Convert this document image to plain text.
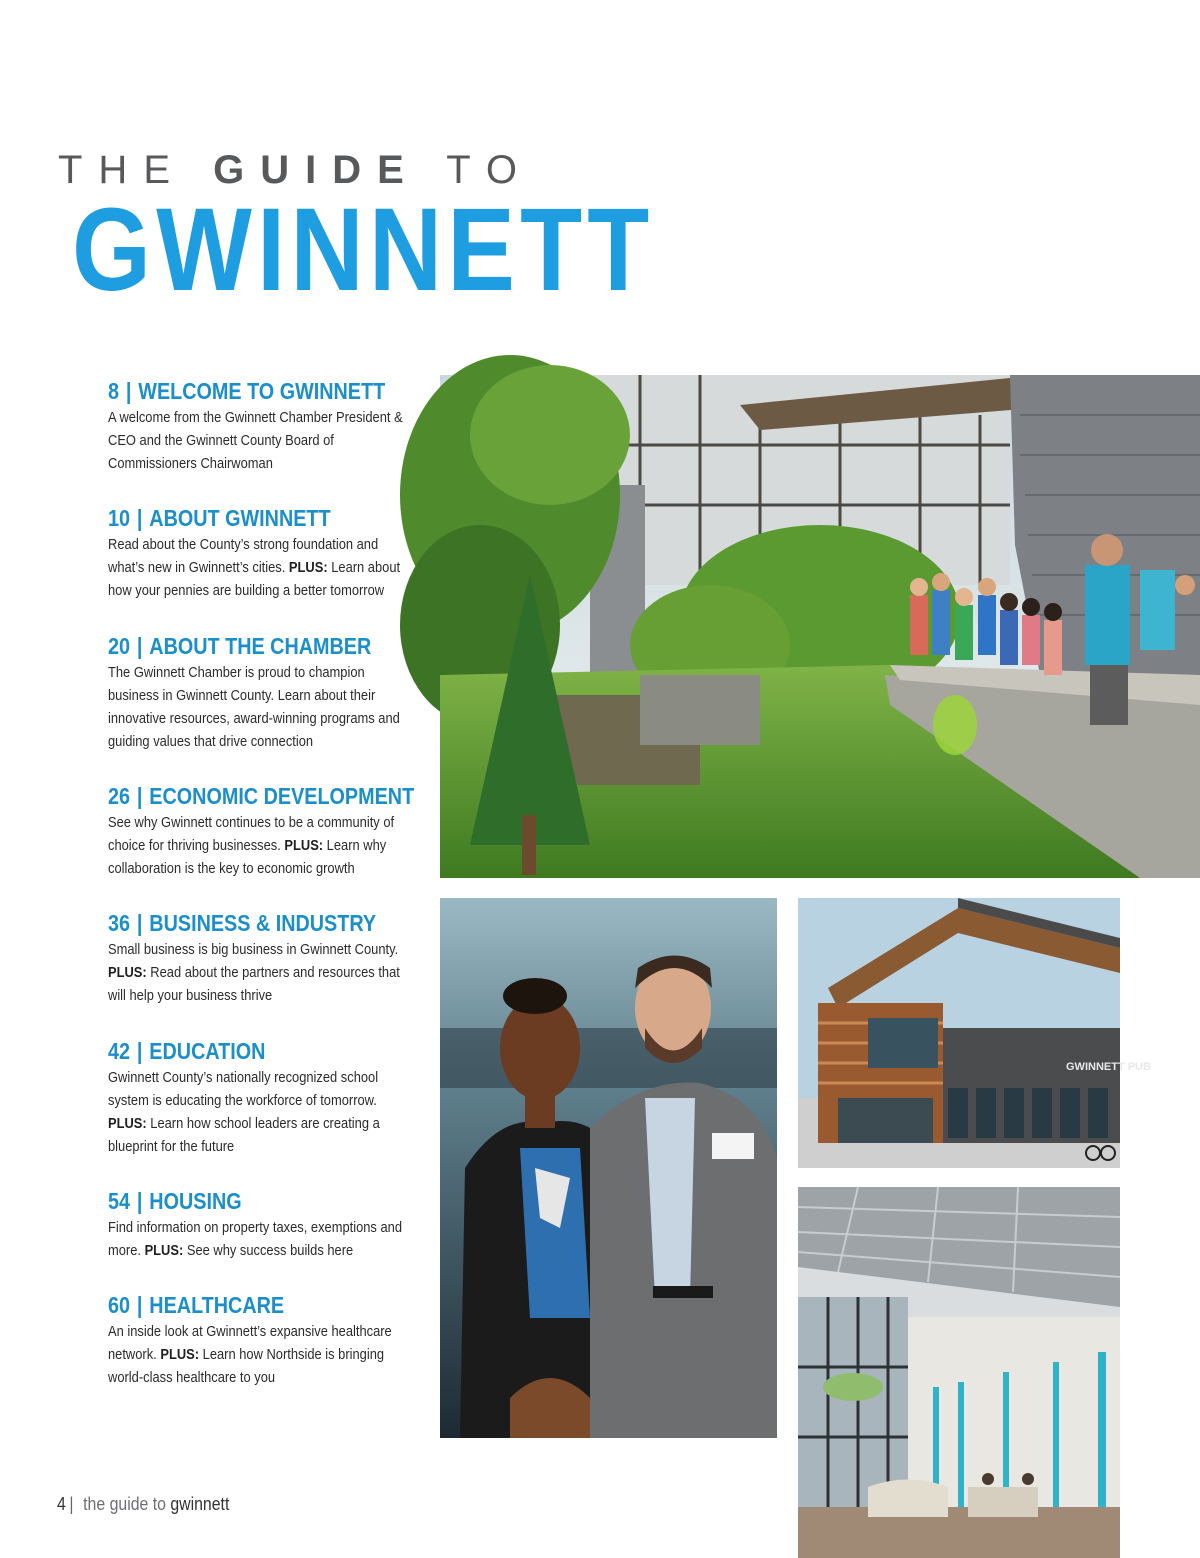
THE GUIDE TO
GWINNETT
8 | WELCOME TO GWINNETT
A welcome from the Gwinnett Chamber President & CEO and the Gwinnett County Board of Commissioners Chairwoman
10 | ABOUT GWINNETT
Read about the County’s strong foundation and what’s new in Gwinnett’s cities. PLUS: Learn about how your pennies are building a better tomorrow
20 | ABOUT THE CHAMBER
The Gwinnett Chamber is proud to champion business in Gwinnett County. Learn about their innovative resources, award-winning programs and guiding values that drive connection
26 | ECONOMIC DEVELOPMENT
See why Gwinnett continues to be a community of choice for thriving businesses. PLUS: Learn why collaboration is the key to economic growth
36 | BUSINESS & INDUSTRY
Small business is big business in Gwinnett County. PLUS: Read about the partners and resources that will help your business thrive
42 | EDUCATION
Gwinnett County’s nationally recognized school system is educating the workforce of tomorrow. PLUS: Learn how school leaders are creating a blueprint for the future
54 | HOUSING
Find information on property taxes, exemptions and more. PLUS: See why success builds here
60 | HEALTHCARE
An inside look at Gwinnett’s expansive healthcare network. PLUS: Learn how Northside is bringing world-class healthcare to you
GWINNETT PUB
4 | the guide to gwinnett
